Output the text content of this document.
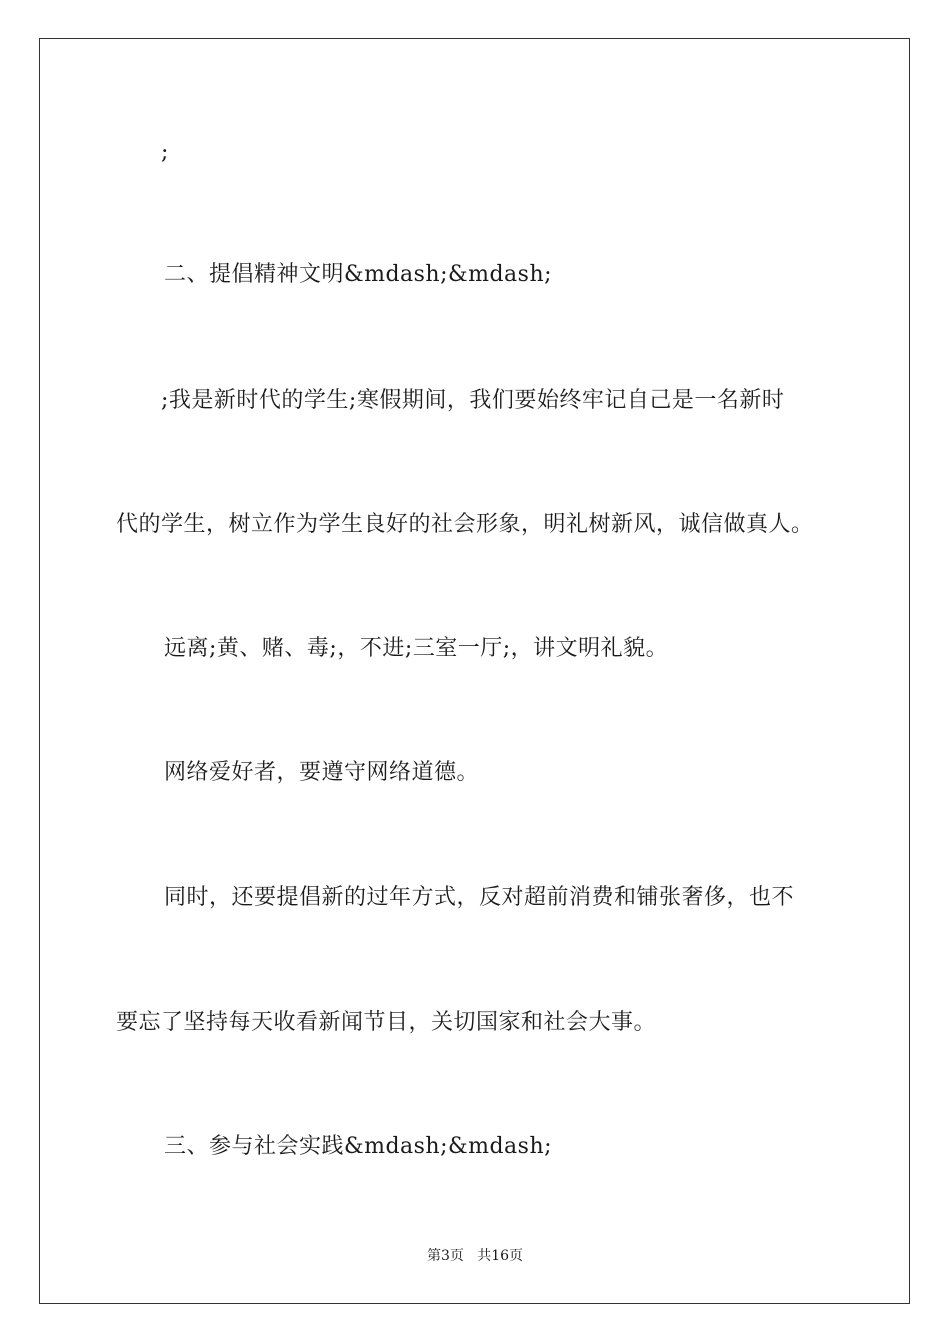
;
二、提倡精神文明&mdash;&mdash;
;我是新时代的学生;寒假期间，我们要始终牢记自己是一名新时
代的学生，树立作为学生良好的社会形象，明礼树新风，诚信做真人。
远离;黄、赌、毒;，不进;三室一厅;，讲文明礼貌。
网络爱好者，要遵守网络道德。
同时，还要提倡新的过年方式，反对超前消费和铺张奢侈，也不
要忘了坚持每天收看新闻节目，关切国家和社会大事。
三、参与社会实践&mdash;&mdash;
第3页   共16页
